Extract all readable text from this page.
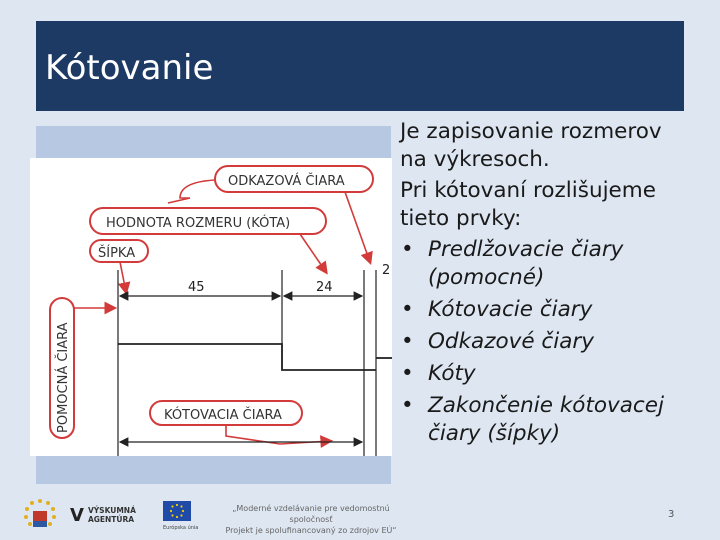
Kótovanie
ODKAZOVÁ ČIARA
HODNOTA ROZMERU (KÓTA)
ŠÍPKA
POMOCNÁ ČIARA	KÓTOVACIA ČIARA
45	24
2

Je zapisovanie rozmerov na výkresoch.

Pri kótovaní rozlišujeme tieto prvky:

• Predlžovacie čiary (pomocné)
• Kótovacie čiary
• Odkazové čiary
• Kóty
• Zakončenie kótovacej čiary (šípky)
V VÝSKUMNÁ
AGENTÚRA
Európska únia
„Moderné vzdelávanie pre vedomostnú spoločnosť
Projekt je spolufinancovaný zo zdrojov EÚ“
3
